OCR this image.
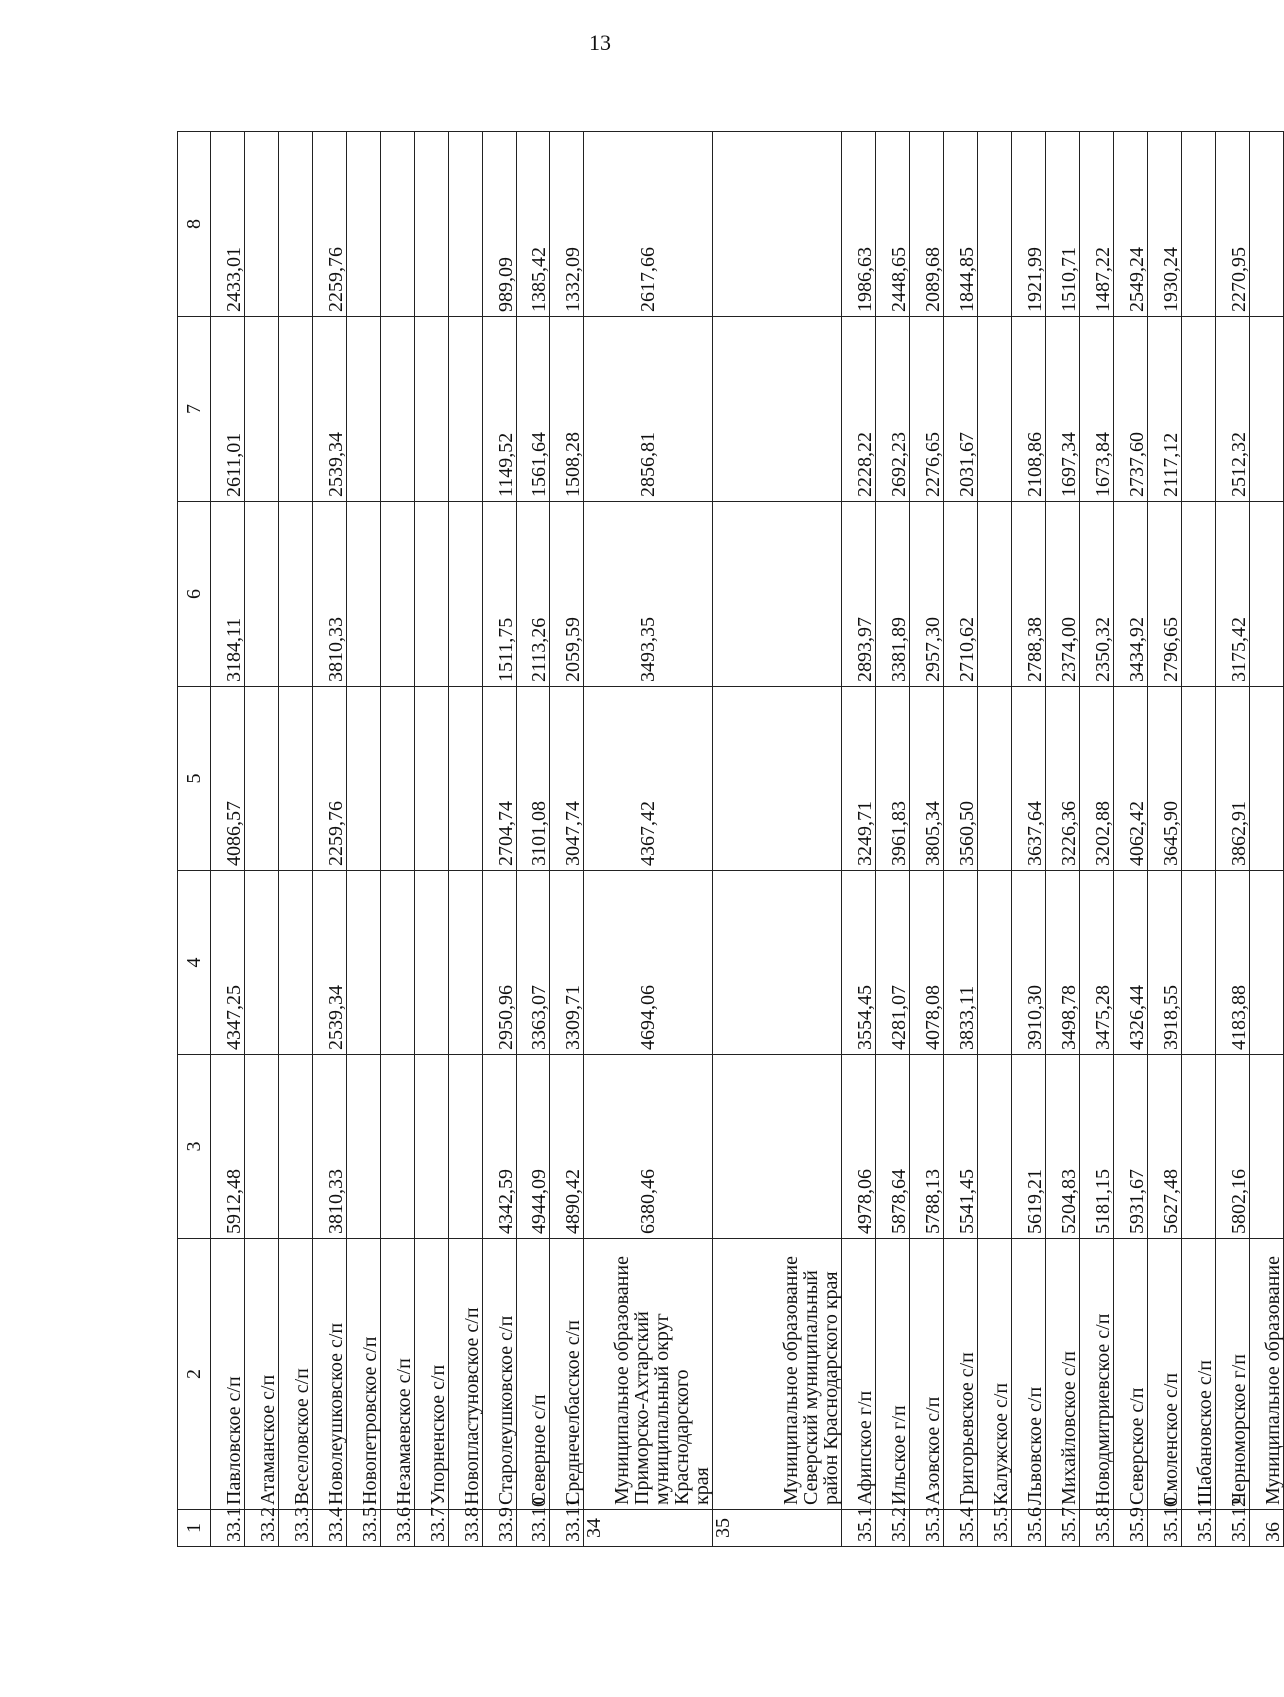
13
1	2	3	4	5	6	7	8
33.1	Павловское с/п	5912,48	4347,25	4086,57	3184,11	2611,01	2433,01
33.2	Атаманское с/п						

33.3	Веселовское с/п						

33.4	Новолеушковское с/п	3810,33	2539,34	2259,76	3810,33	2539,34	2259,76
33.5	Новопетровское с/п						

33.6	Незамаевское с/п						

33.7	Упорненское с/п						

33.8	Новопластуновское с/п						

33.9	Старолеушковское с/п	4342,59	2950,96	2704,74	1511,75	1149,52	989,09
33.10	Северное с/п	4944,09	3363,07	3101,08	2113,26	1561,64	1385,42
33.11	Среднечелбасское с/п	4890,42	3309,71	3047,74	2059,59	1508,28	1332,09
34	Муниципальное образование
Приморско-Ахтарский
муниципальный округ
Краснодарского
края	6380,46	4694,06	4367,42	3493,35	2856,81	2617,66
35	Муниципальное образование
Северский муниципальный
район Краснодарского края						

35.1	Афипское г/п	4978,06	3554,45	3249,71	2893,97	2228,22	1986,63
35.2	Ильское г/п	5878,64	4281,07	3961,83	3381,89	2692,23	2448,65
35.3	Азовское с/п	5788,13	4078,08	3805,34	2957,30	2276,65	2089,68
35.4	Григорьевское с/п	5541,45	3833,11	3560,50	2710,62	2031,67	1844,85
35.5	Калужское с/п						

35.6	Львовское с/п	5619,21	3910,30	3637,64	2788,38	2108,86	1921,99
35.7	Михайловское с/п	5204,83	3498,78	3226,36	2374,00	1697,34	1510,71
35.8	Новодмитриевское с/п	5181,15	3475,28	3202,88	2350,32	1673,84	1487,22
35.9	Северское с/п	5931,67	4326,44	4062,42	3434,92	2737,60	2549,24
35.10	Смоленское с/п	5627,48	3918,55	3645,90	2796,65	2117,12	1930,24
35.11	Шабановское с/п						

35.12	Черноморское г/п	5802,16	4183,88	3862,91	3175,42	2512,32	2270,95
36	Муниципальное образование						
